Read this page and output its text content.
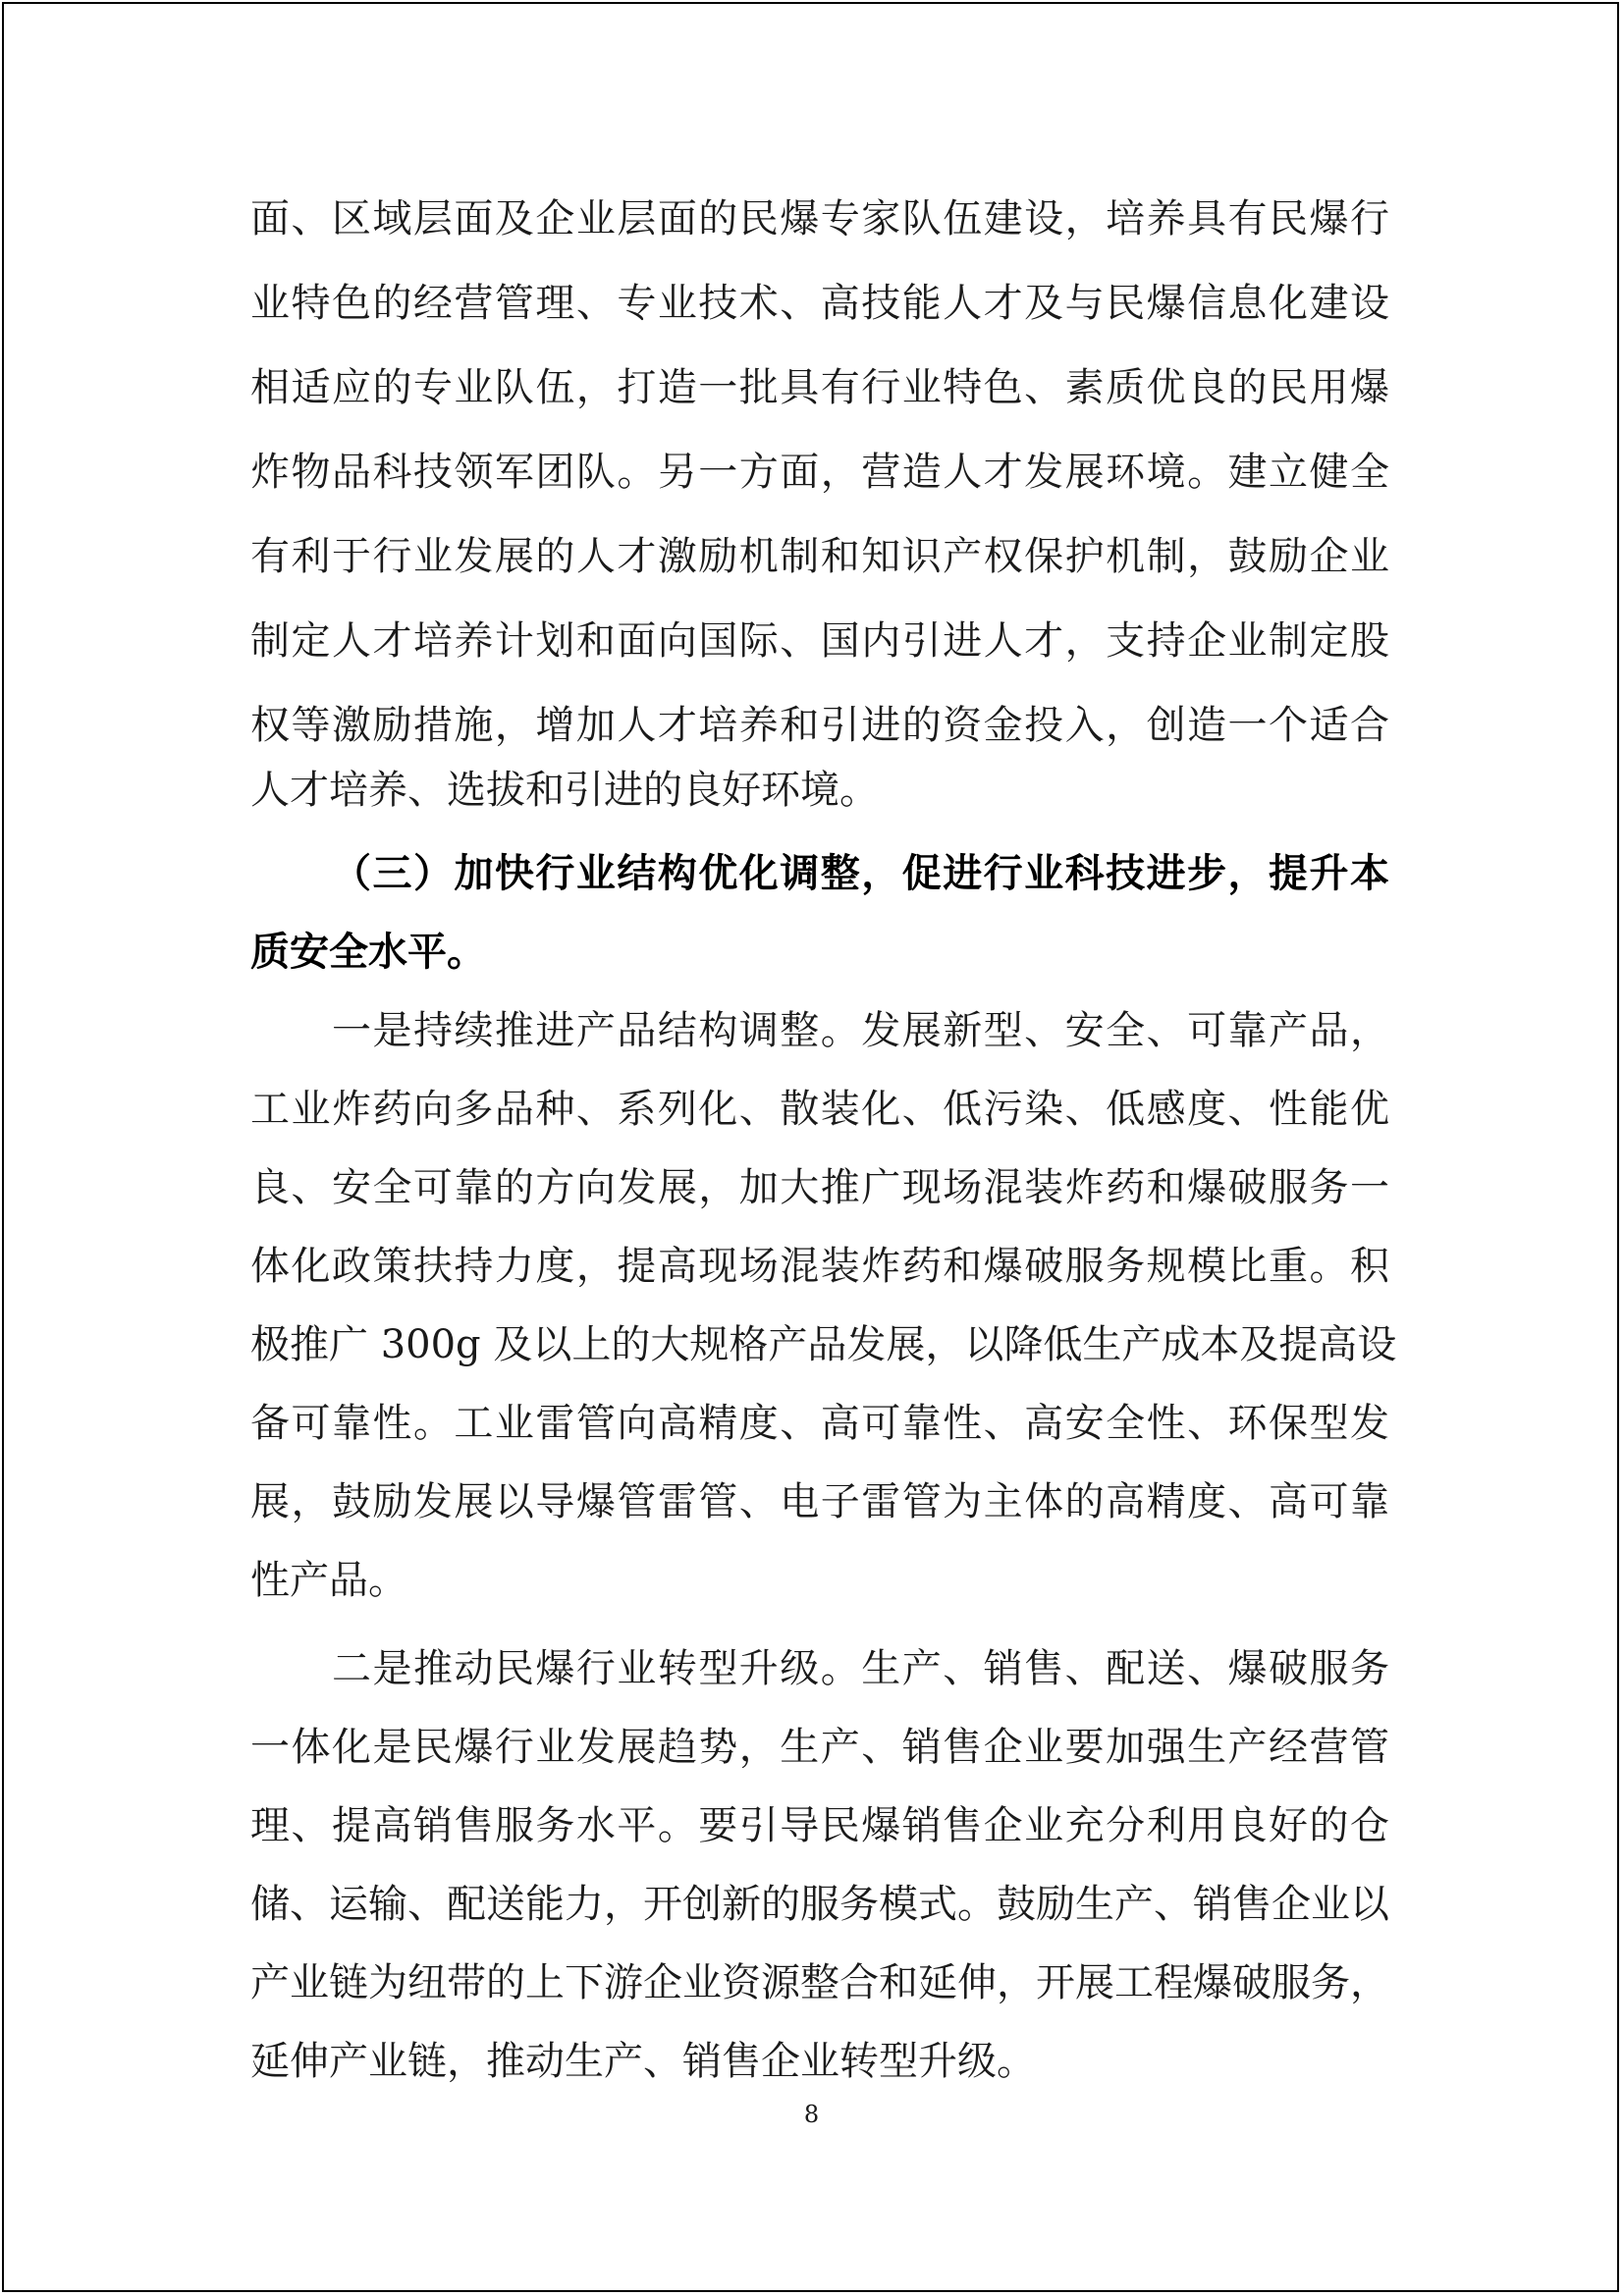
面、区域层面及企业层面的民爆专家队伍建设，培养具有民爆行
业特色的经营管理、专业技术、高技能人才及与民爆信息化建设
相适应的专业队伍，打造一批具有行业特色、素质优良的民用爆
炸物品科技领军团队。另一方面，营造人才发展环境。建立健全
有利于行业发展的人才激励机制和知识产权保护机制，鼓励企业
制定人才培养计划和面向国际、国内引进人才，支持企业制定股
权等激励措施，增加人才培养和引进的资金投入，创造一个适合
人才培养、选拔和引进的良好环境。
（三）加快行业结构优化调整，促进行业科技进步，提升本
质安全水平。
一是持续推进产品结构调整。发展新型、安全、可靠产品，
工业炸药向多品种、系列化、散装化、低污染、低感度、性能优
良、安全可靠的方向发展，加大推广现场混装炸药和爆破服务一
体化政策扶持力度，提高现场混装炸药和爆破服务规模比重。积
极推广 300g 及以上的大规格产品发展，以降低生产成本及提高设
备可靠性。工业雷管向高精度、高可靠性、高安全性、环保型发
展，鼓励发展以导爆管雷管、电子雷管为主体的高精度、高可靠
性产品。
二是推动民爆行业转型升级。生产、销售、配送、爆破服务
一体化是民爆行业发展趋势，生产、销售企业要加强生产经营管
理、提高销售服务水平。要引导民爆销售企业充分利用良好的仓
储、运输、配送能力，开创新的服务模式。鼓励生产、销售企业以
产业链为纽带的上下游企业资源整合和延伸，开展工程爆破服务，
延伸产业链，推动生产、销售企业转型升级。
8
